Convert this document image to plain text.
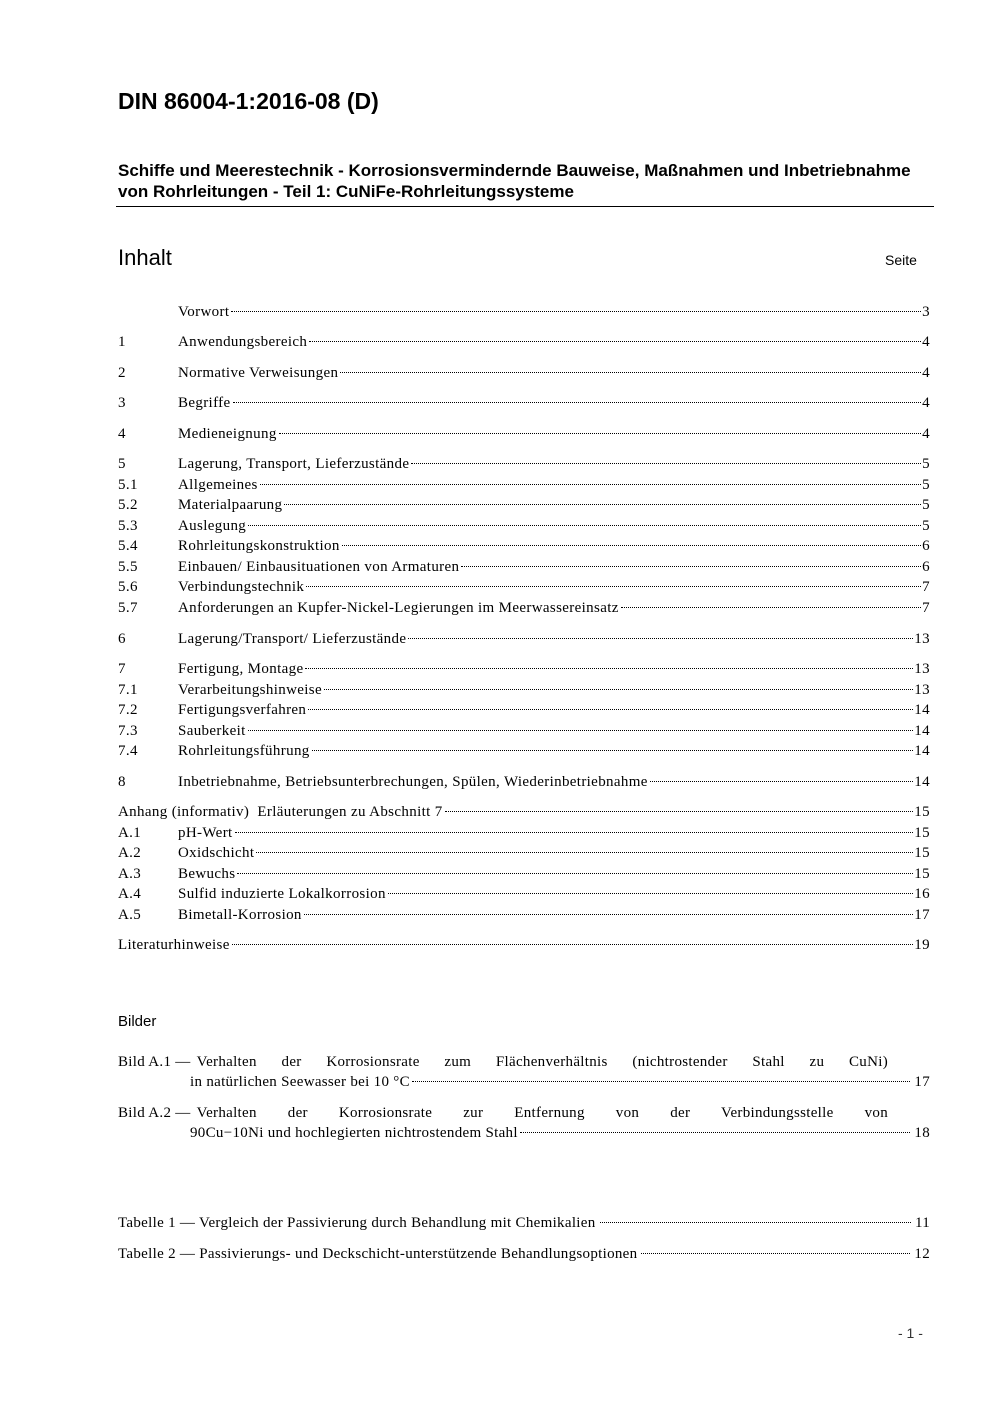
DIN 86004-1:2016-08 (D)
Schiffe und Meerestechnik - Korrosionsvermindernde Bauweise, Maßnahmen und Inbetriebnahme von Rohrleitungen - Teil 1: CuNiFe-Rohrleitungssysteme
Inhalt	Seite
Vorwort	3
1	Anwendungsbereich	4
2	Normative Verweisungen	4
3	Begriffe	4
4	Medieneignung	4
5	Lagerung, Transport, Lieferzustände	5
5.1	Allgemeines	5
5.2	Materialpaarung	5
5.3	Auslegung	5
5.4	Rohrleitungskonstruktion	6
5.5	Einbauen/ Einbausituationen von Armaturen	6
5.6	Verbindungstechnik	7
5.7	Anforderungen an Kupfer-Nickel-Legierungen im Meerwassereinsatz	7
6	Lagerung/Transport/ Lieferzustände	13
7	Fertigung, Montage	13
7.1	Verarbeitungshinweise	13
7.2	Fertigungsverfahren	14
7.3	Sauberkeit	14
7.4	Rohrleitungsführung	14
8	Inbetriebnahme, Betriebsunterbrechungen, Spülen, Wiederinbetriebnahme	14
Anhang (informativ)  Erläuterungen zu Abschnitt 7	15
A.1	pH-Wert	15
A.2	Oxidschicht	15
A.3	Bewuchs	15
A.4	Sulfid induzierte Lokalkorrosion	16
A.5	Bimetall-Korrosion	17
Literaturhinweise	19
Bilder
Bild A.1 — Verhalten der Korrosionsrate zum Flächenverhältnis (nichtrostender Stahl zu CuNi)
in natürlichen Seewasser bei 10 °C	17
Bild A.2 — Verhalten der Korrosionsrate zur Entfernung von der Verbindungsstelle von
90Cu−10Ni und hochlegierten nichtrostendem Stahl	18
Tabelle 1 — Vergleich der Passivierung durch Behandlung mit Chemikalien	11
Tabelle 2 — Passivierungs- und Deckschicht-unterstützende Behandlungsoptionen	12
- 1 -
